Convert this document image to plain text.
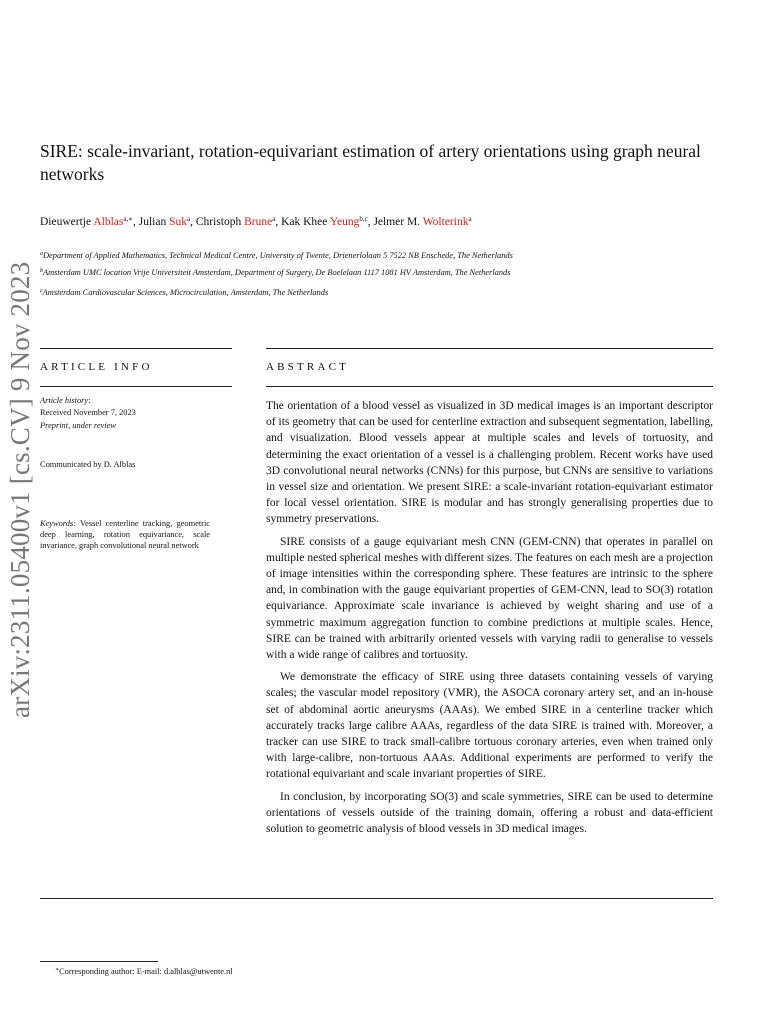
arXiv:2311.05400v1 [cs.CV] 9 Nov 2023
SIRE: scale-invariant, rotation-equivariant estimation of artery orientations using graph neural networks
Dieuwertje Alblas$^{a,∗}$, Julian Suk$^a$, Christoph Brune$^a$, Kak Khee Yeung$^{b,c}$, Jelmer M. Wolterink$^a$
$^a$Department of Applied Mathematics, Technical Medical Centre, University of Twente, Drienerlolaan 5 7522 NB Enschede, The Netherlands
$^b$Amsterdam UMC location Vrije Universiteit Amsterdam, Department of Surgery, De Boelelaan 1117 1081 HV Amsterdam, The Netherlands
$^c$Amsterdam Cardiovascular Sciences, Microcirculation, Amsterdam, The Netherlands
ARTICLE INFO
Article history:
Received November 7, 2023
Preprint, under review
Communicated by D. Alblas
Keywords: Vessel centerline tracking, geometric deep learning, rotation equivariance, scale invariance, graph convolutional neural network
ABSTRACT

The orientation of a blood vessel as visualized in 3D medical images is an important descriptor of its geometry that can be used for centerline extraction and subsequent segmentation, labelling, and visualization. Blood vessels appear at multiple scales and levels of tortuosity, and determining the exact orientation of a vessel is a challenging problem. Recent works have used 3D convolutional neural networks (CNNs) for this purpose, but CNNs are sensitive to variations in vessel size and orientation. We present SIRE: a scale-invariant rotation-equivariant estimator for local vessel orientation. SIRE is modular and has strongly generalising properties due to symmetry preservations.

SIRE consists of a gauge equivariant mesh CNN (GEM-CNN) that operates in parallel on multiple nested spherical meshes with different sizes. The features on each mesh are a projection of image intensities within the corresponding sphere. These features are intrinsic to the sphere and, in combination with the gauge equivariant properties of GEM-CNN, lead to SO(3) rotation equivariance. Approximate scale invariance is achieved by weight sharing and use of a symmetric maximum aggregation function to combine predictions at multiple scales. Hence, SIRE can be trained with arbitrarily oriented vessels with varying radii to generalise to vessels with a wide range of calibres and tortuosity.

We demonstrate the efficacy of SIRE using three datasets containing vessels of varying scales; the vascular model repository (VMR), the ASOCA coronary artery set, and an in-house set of abdominal aortic aneurysms (AAAs). We embed SIRE in a centerline tracker which accurately tracks large calibre AAAs, regardless of the data SIRE is trained with. Moreover, a tracker can use SIRE to track small-calibre tortuous coronary arteries, even when trained only with large-calibre, non-tortuous AAAs. Additional experiments are performed to verify the rotational equivariant and scale invariant properties of SIRE.

In conclusion, by incorporating SO(3) and scale symmetries, SIRE can be used to determine orientations of vessels outside of the training domain, offering a robust and data-efficient solution to geometric analysis of blood vessels in 3D medical images.

∗Corresponding author: E-mail: d.alblas@utwente.nl
